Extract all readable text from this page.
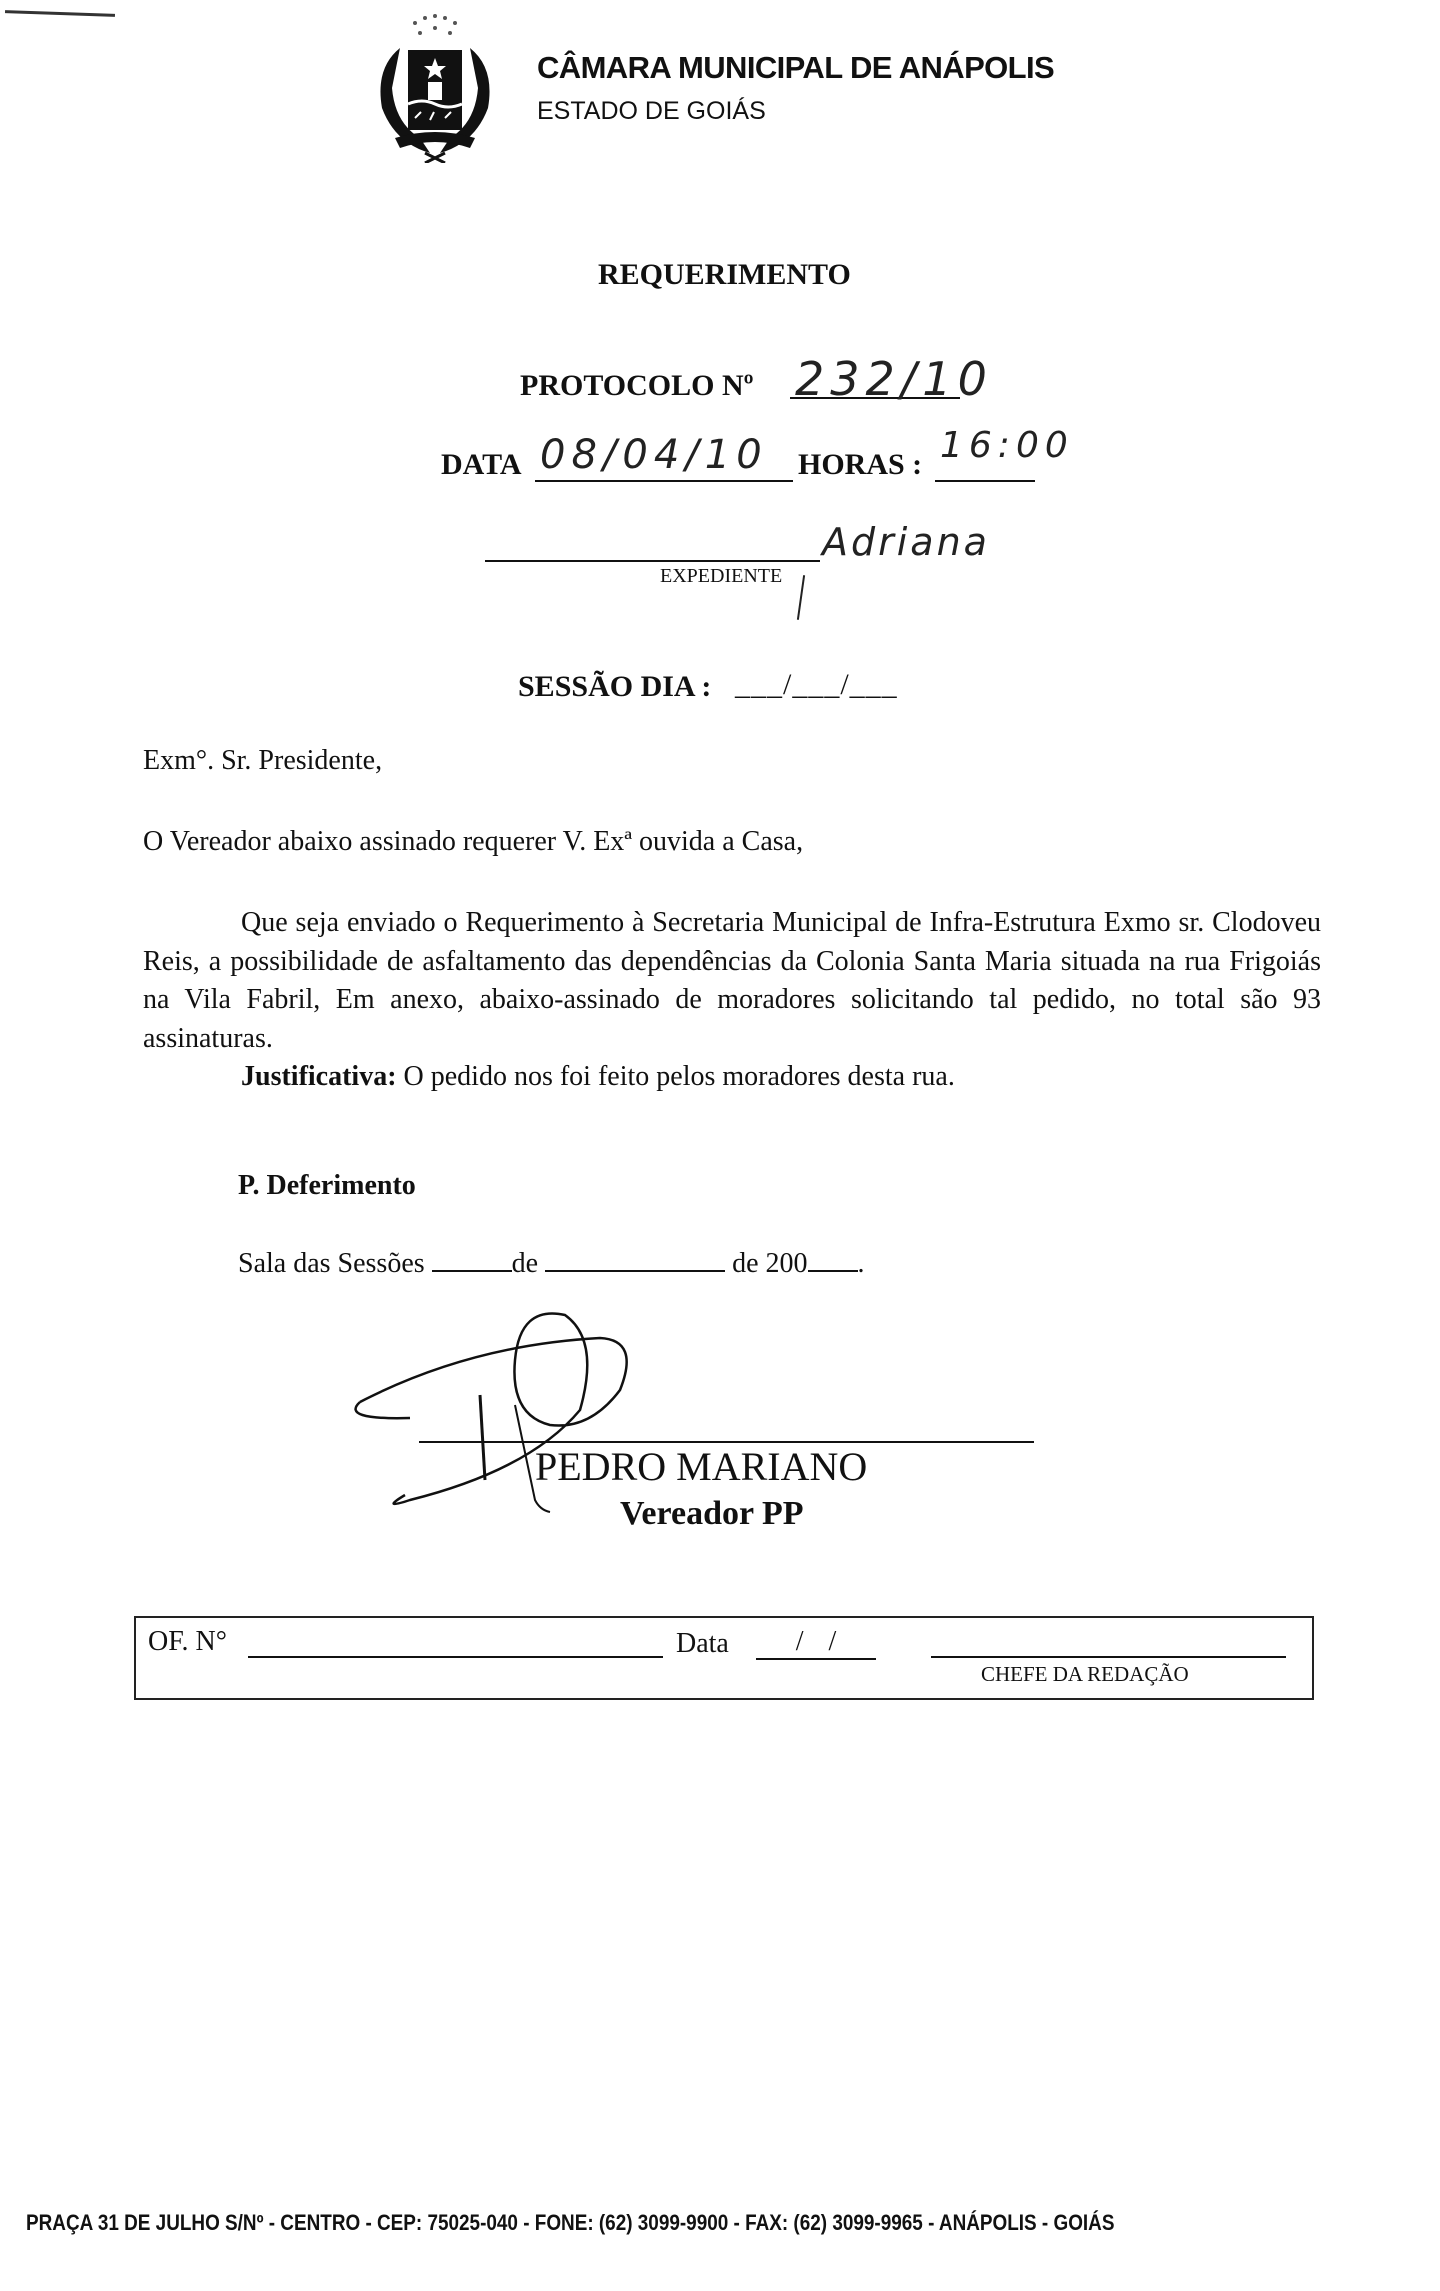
CÂMARA MUNICIPAL DE ANÁPOLIS
ESTADO DE GOIÁS
REQUERIMENTO
PROTOCOLO Nº 232/10
DATA 08/04/10 HORAS : 16:00
EXPEDIENTE
Adriana
SESSÃO DIA : ___/___/___
Exm°. Sr. Presidente,
O Vereador abaixo assinado requerer V. Exª ouvida a Casa,

Que seja enviado o Requerimento à Secretaria Municipal de Infra-Estrutura Exmo sr. Clodoveu Reis, a possibilidade de asfaltamento das dependências da Colonia Santa Maria situada na rua Frigoiás na Vila Fabril, Em anexo, abaixo-assinado de moradores solicitando tal pedido, no total são 93 assinaturas.

Justificativa: O pedido nos foi feito pelos moradores desta rua.

P. Deferimento
Sala das Sessões	de	de 200 .
PEDRO MARIANO
Vereador PP
OF. N°	Data	/ /
CHEFE DA REDAÇÃO
PRAÇA 31 DE JULHO S/Nº - CENTRO - CEP: 75025-040 - FONE: (62) 3099-9900 - FAX: (62) 3099-9965 - ANÁPOLIS - GOIÁS
